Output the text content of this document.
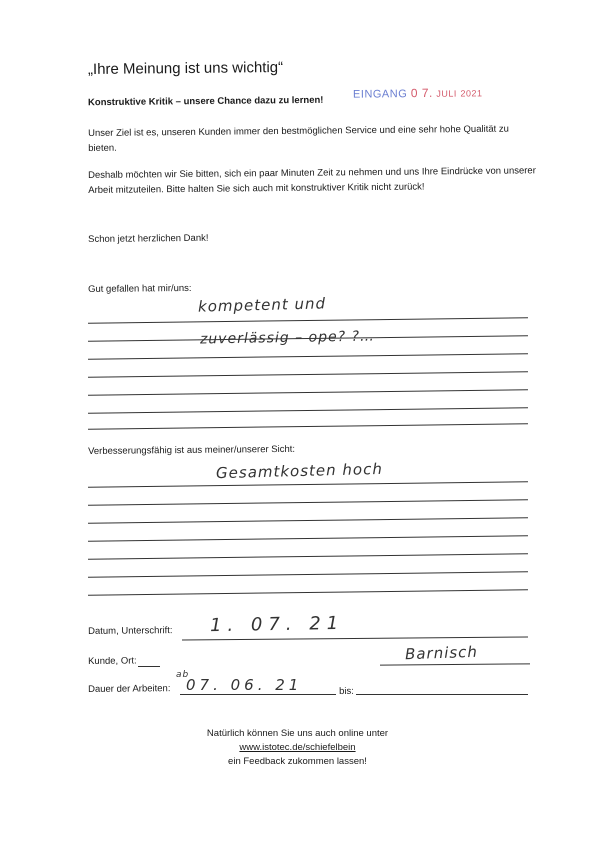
„Ihre Meinung ist uns wichtig“
Konstruktive Kritik – unsere Chance dazu zu lernen!
EINGANG 0 7. JULI 2021
Unser Ziel ist es, unseren Kunden immer den bestmöglichen Service und eine sehr hohe Qualität zu bieten.
Deshalb möchten wir Sie bitten, sich ein paar Minuten Zeit zu nehmen und uns Ihre Eindrücke von unserer Arbeit mitzuteilen. Bitte halten Sie sich auch mit konstruktiver Kritik nicht zurück!
Schon jetzt herzlichen Dank!
Gut gefallen hat mir/uns:
kompetent und
zuverlässig – ope? ?…
Verbesserungsfähig ist aus meiner/unserer Sicht:
Gesamtkosten hoch
Datum, Unterschrift: 1. 07. 21
Kunde, Ort:	Barnisch
Dauer der Arbeiten:
ab
07. 06. 21	bis:
Natürlich können Sie uns auch online unter
www.istotec.de/schiefelbein
ein Feedback zukommen lassen!
